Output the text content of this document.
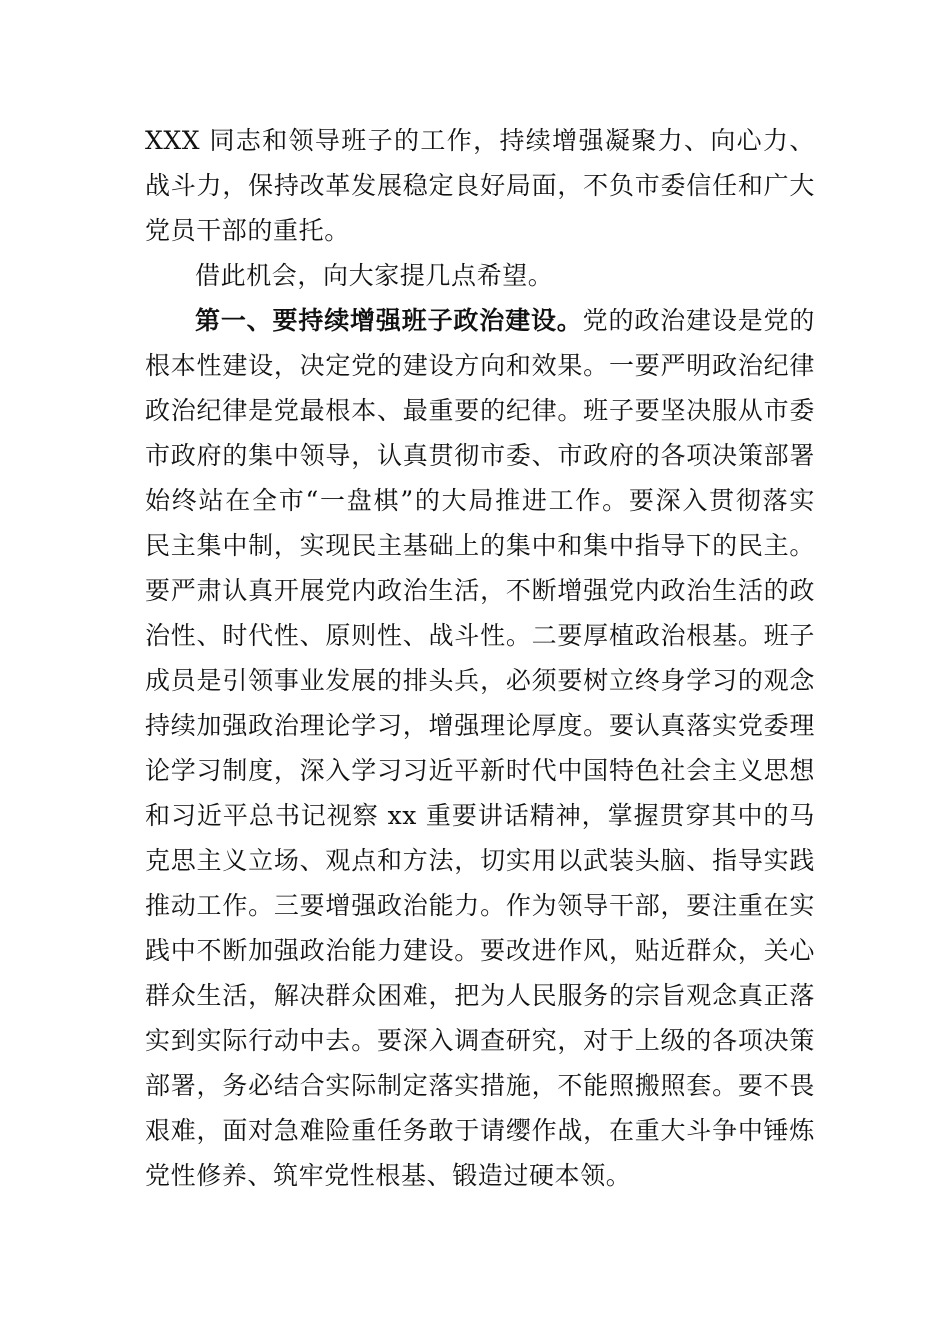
XXX 同志和领导班子的工作，持续增强凝聚力、向心力、
战斗力，保持改革发展稳定良好局面，不负市委信任和广大
党员干部的重托。
借此机会，向大家提几点希望。
第一、要持续增强班子政治建设。党的政治建设是党的
根本性建设，决定党的建设方向和效果。一要严明政治纪律
政治纪律是党最根本、最重要的纪律。班子要坚决服从市委
市政府的集中领导，认真贯彻市委、市政府的各项决策部署
始终站在全市“一盘棋”的大局推进工作。要深入贯彻落实
民主集中制，实现民主基础上的集中和集中指导下的民主。
要严肃认真开展党内政治生活，不断增强党内政治生活的政
治性、时代性、原则性、战斗性。二要厚植政治根基。班子
成员是引领事业发展的排头兵，必须要树立终身学习的观念
持续加强政治理论学习，增强理论厚度。要认真落实党委理
论学习制度，深入学习习近平新时代中国特色社会主义思想
和习近平总书记视察 xx 重要讲话精神，掌握贯穿其中的马
克思主义立场、观点和方法，切实用以武装头脑、指导实践
推动工作。三要增强政治能力。作为领导干部，要注重在实
践中不断加强政治能力建设。要改进作风，贴近群众，关心
群众生活，解决群众困难，把为人民服务的宗旨观念真正落
实到实际行动中去。要深入调查研究，对于上级的各项决策
部署，务必结合实际制定落实措施，不能照搬照套。要不畏
艰难，面对急难险重任务敢于请缨作战，在重大斗争中锤炼
党性修养、筑牢党性根基、锻造过硬本领。
